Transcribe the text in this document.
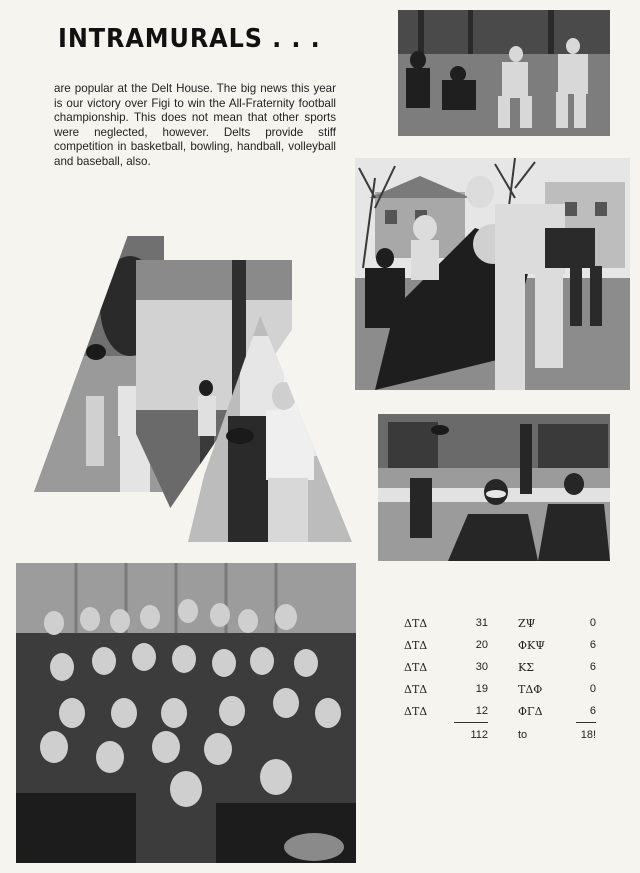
INTRAMURALS . . .
are popular at the Delt House. The big news this year is our victory over Figi to win the All-Fraternity football championship. This does not mean that other sports were neglected, however. Delts provide stiff competition in basketball, bowling, handball, volleyball and baseball, also.
ΔΤΔ	31		ΖΨ	0
ΔΤΔ	20		ΦΚΨ	6
ΔΤΔ	30		ΚΣ	6
ΔΤΔ	19		ΤΔΦ	0
ΔΤΔ	12		ΦΓΔ	6
	112		to	18!
